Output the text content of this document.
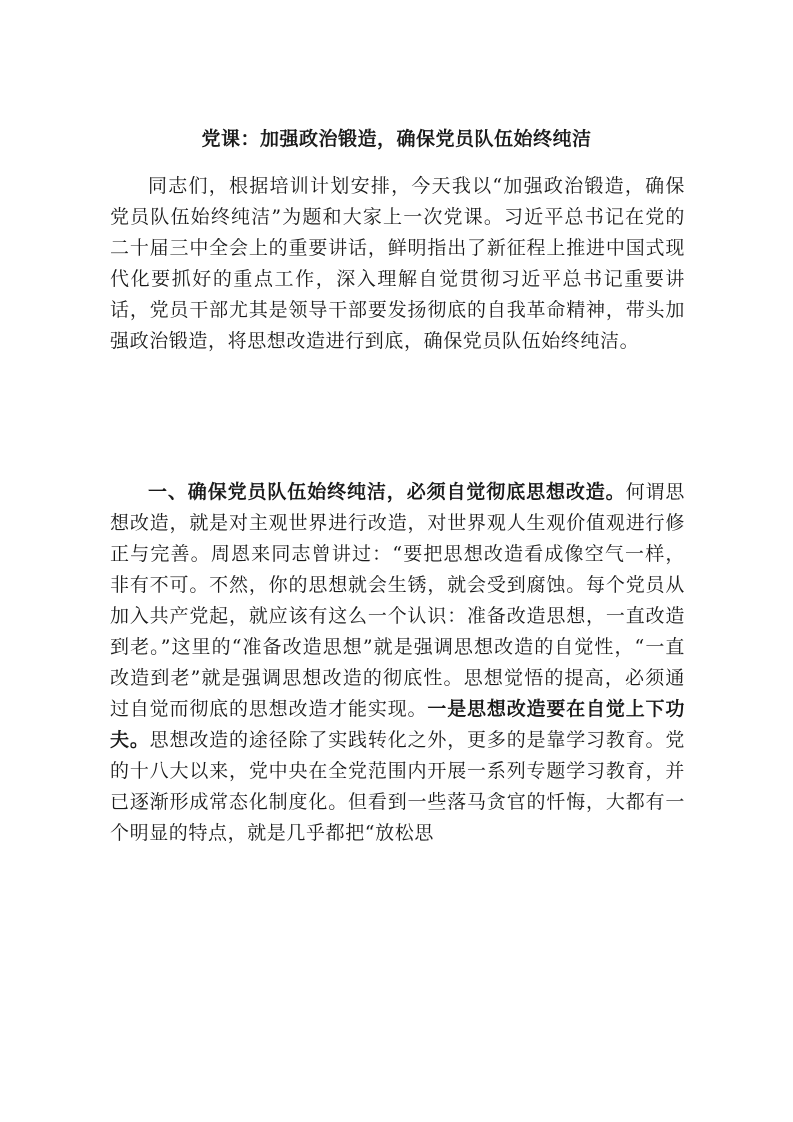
党课：加强政治锻造，确保党员队伍始终纯洁

同志们，根据培训计划安排，今天我以“加强政治锻造，确保党员队伍始终纯洁”为题和大家上一次党课。习近平总书记在党的二十届三中全会上的重要讲话，鲜明指出了新征程上推进中国式现代化要抓好的重点工作，深入理解自觉贯彻习近平总书记重要讲话，党员干部尤其是领导干部要发扬彻底的自我革命精神，带头加强政治锻造，将思想改造进行到底，确保党员队伍始终纯洁。

一、确保党员队伍始终纯洁，必须自觉彻底思想改造。何谓思想改造，就是对主观世界进行改造，对世界观人生观价值观进行修正与完善。周恩来同志曾讲过：“要把思想改造看成像空气一样，非有不可。不然，你的思想就会生锈，就会受到腐蚀。每个党员从加入共产党起，就应该有这么一个认识：准备改造思想，一直改造到老。”这里的“准备改造思想”就是强调思想改造的自觉性，“一直改造到老”就是强调思想改造的彻底性。思想觉悟的提高，必须通过自觉而彻底的思想改造才能实现。一是思想改造要在自觉上下功夫。思想改造的途径除了实践转化之外，更多的是靠学习教育。党的十八大以来，党中央在全党范围内开展一系列专题学习教育，并已逐渐形成常态化制度化。但看到一些落马贪官的忏悔，大都有一个明显的特点，就是几乎都把“放松思
